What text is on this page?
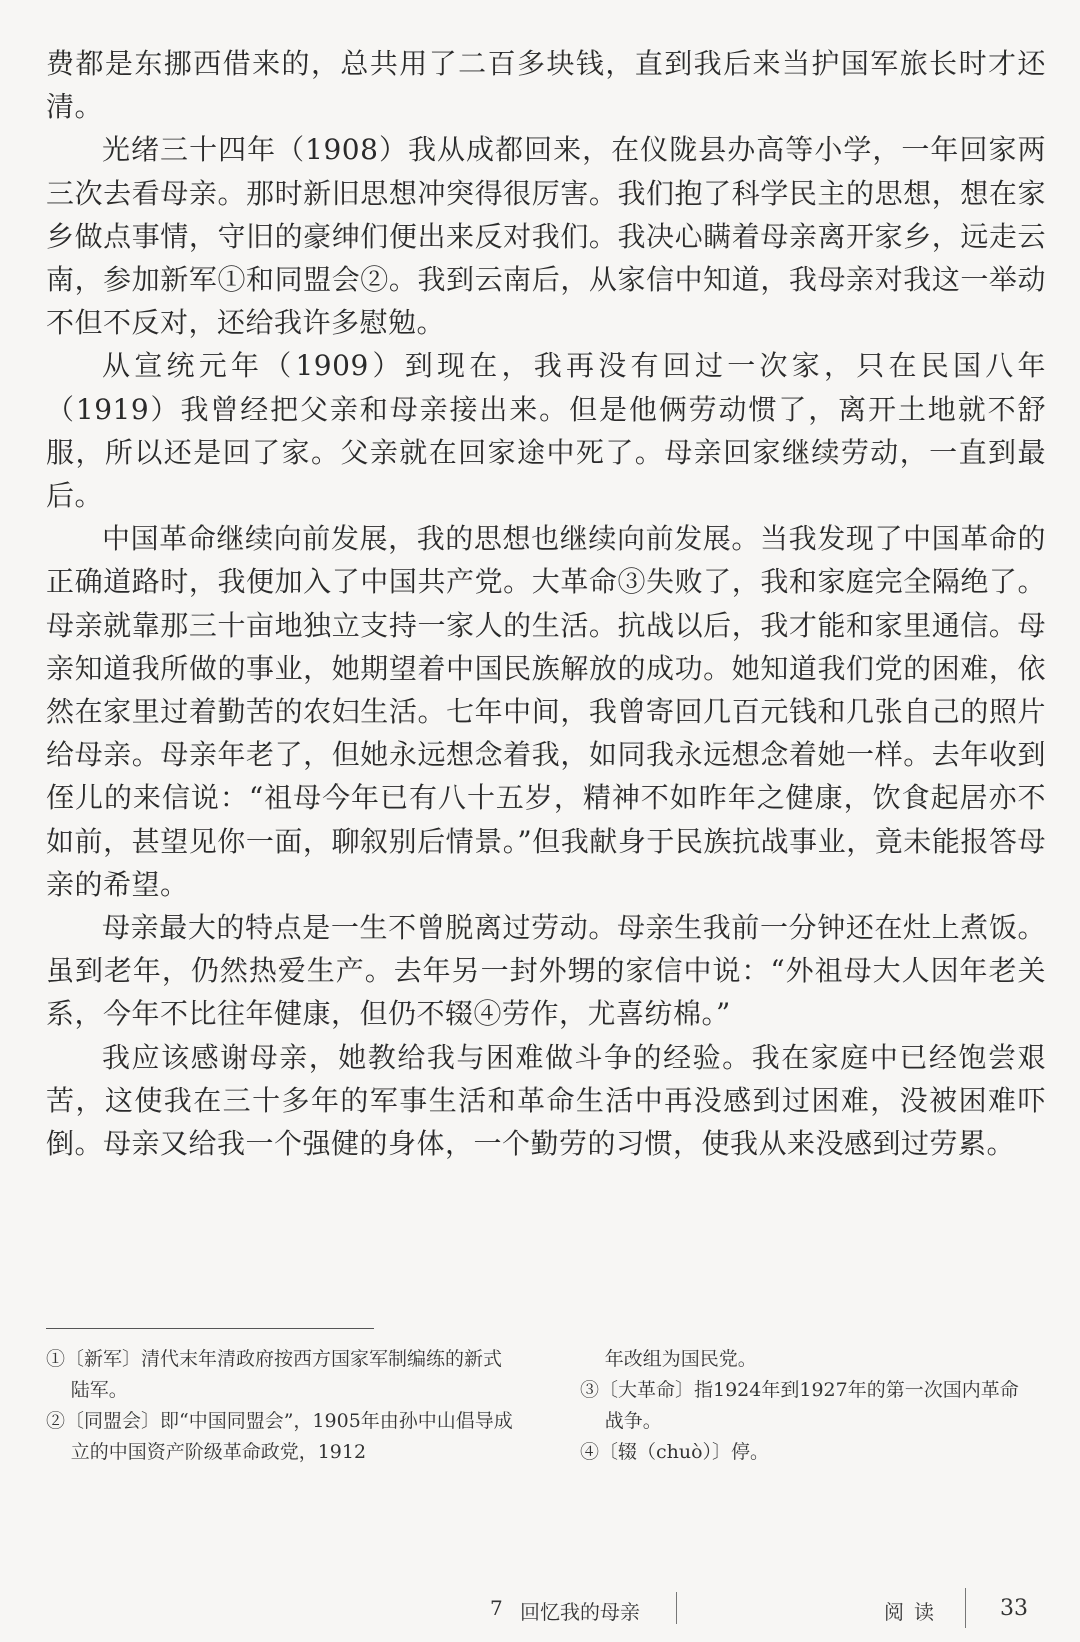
费都是东挪西借来的，总共用了二百多块钱，直到我后来当护国军旅长时才还清。

光绪三十四年（1908）我从成都回来，在仪陇县办高等小学，一年回家两三次去看母亲。那时新旧思想冲突得很厉害。我们抱了科学民主的思想，想在家乡做点事情，守旧的豪绅们便出来反对我们。我决心瞒着母亲离开家乡，远走云南，参加新军①和同盟会②。我到云南后，从家信中知道，我母亲对我这一举动不但不反对，还给我许多慰勉。

从宣统元年（1909）到现在，我再没有回过一次家，只在民国八年（1919）我曾经把父亲和母亲接出来。但是他俩劳动惯了，离开土地就不舒服，所以还是回了家。父亲就在回家途中死了。母亲回家继续劳动，一直到最后。

中国革命继续向前发展，我的思想也继续向前发展。当我发现了中国革命的正确道路时，我便加入了中国共产党。大革命③失败了，我和家庭完全隔绝了。母亲就靠那三十亩地独立支持一家人的生活。抗战以后，我才能和家里通信。母亲知道我所做的事业，她期望着中国民族解放的成功。她知道我们党的困难，依然在家里过着勤苦的农妇生活。七年中间，我曾寄回几百元钱和几张自己的照片给母亲。母亲年老了，但她永远想念着我，如同我永远想念着她一样。去年收到侄儿的来信说：“祖母今年已有八十五岁，精神不如昨年之健康，饮食起居亦不如前，甚望见你一面，聊叙别后情景。”但我献身于民族抗战事业，竟未能报答母亲的希望。

母亲最大的特点是一生不曾脱离过劳动。母亲生我前一分钟还在灶上煮饭。虽到老年，仍然热爱生产。去年另一封外甥的家信中说：“外祖母大人因年老关系，今年不比往年健康，但仍不辍④劳作，尤喜纺棉。”

我应该感谢母亲，她教给我与困难做斗争的经验。我在家庭中已经饱尝艰苦，这使我在三十多年的军事生活和革命生活中再没感到过困难，没被困难吓倒。母亲又给我一个强健的身体，一个勤劳的习惯，使我从来没感到过劳累。

①〔新军〕清代末年清政府按西方国家军制编练的新式陆军。

②〔同盟会〕即“中国同盟会”，1905年由孙中山倡导成立的中国资产阶级革命政党，1912

年改组为国民党。

③〔大革命〕指1924年到1927年的第一次国内革命战争。

④〔辍（chuò）〕停。

7 回忆我的母亲	阅读	33
